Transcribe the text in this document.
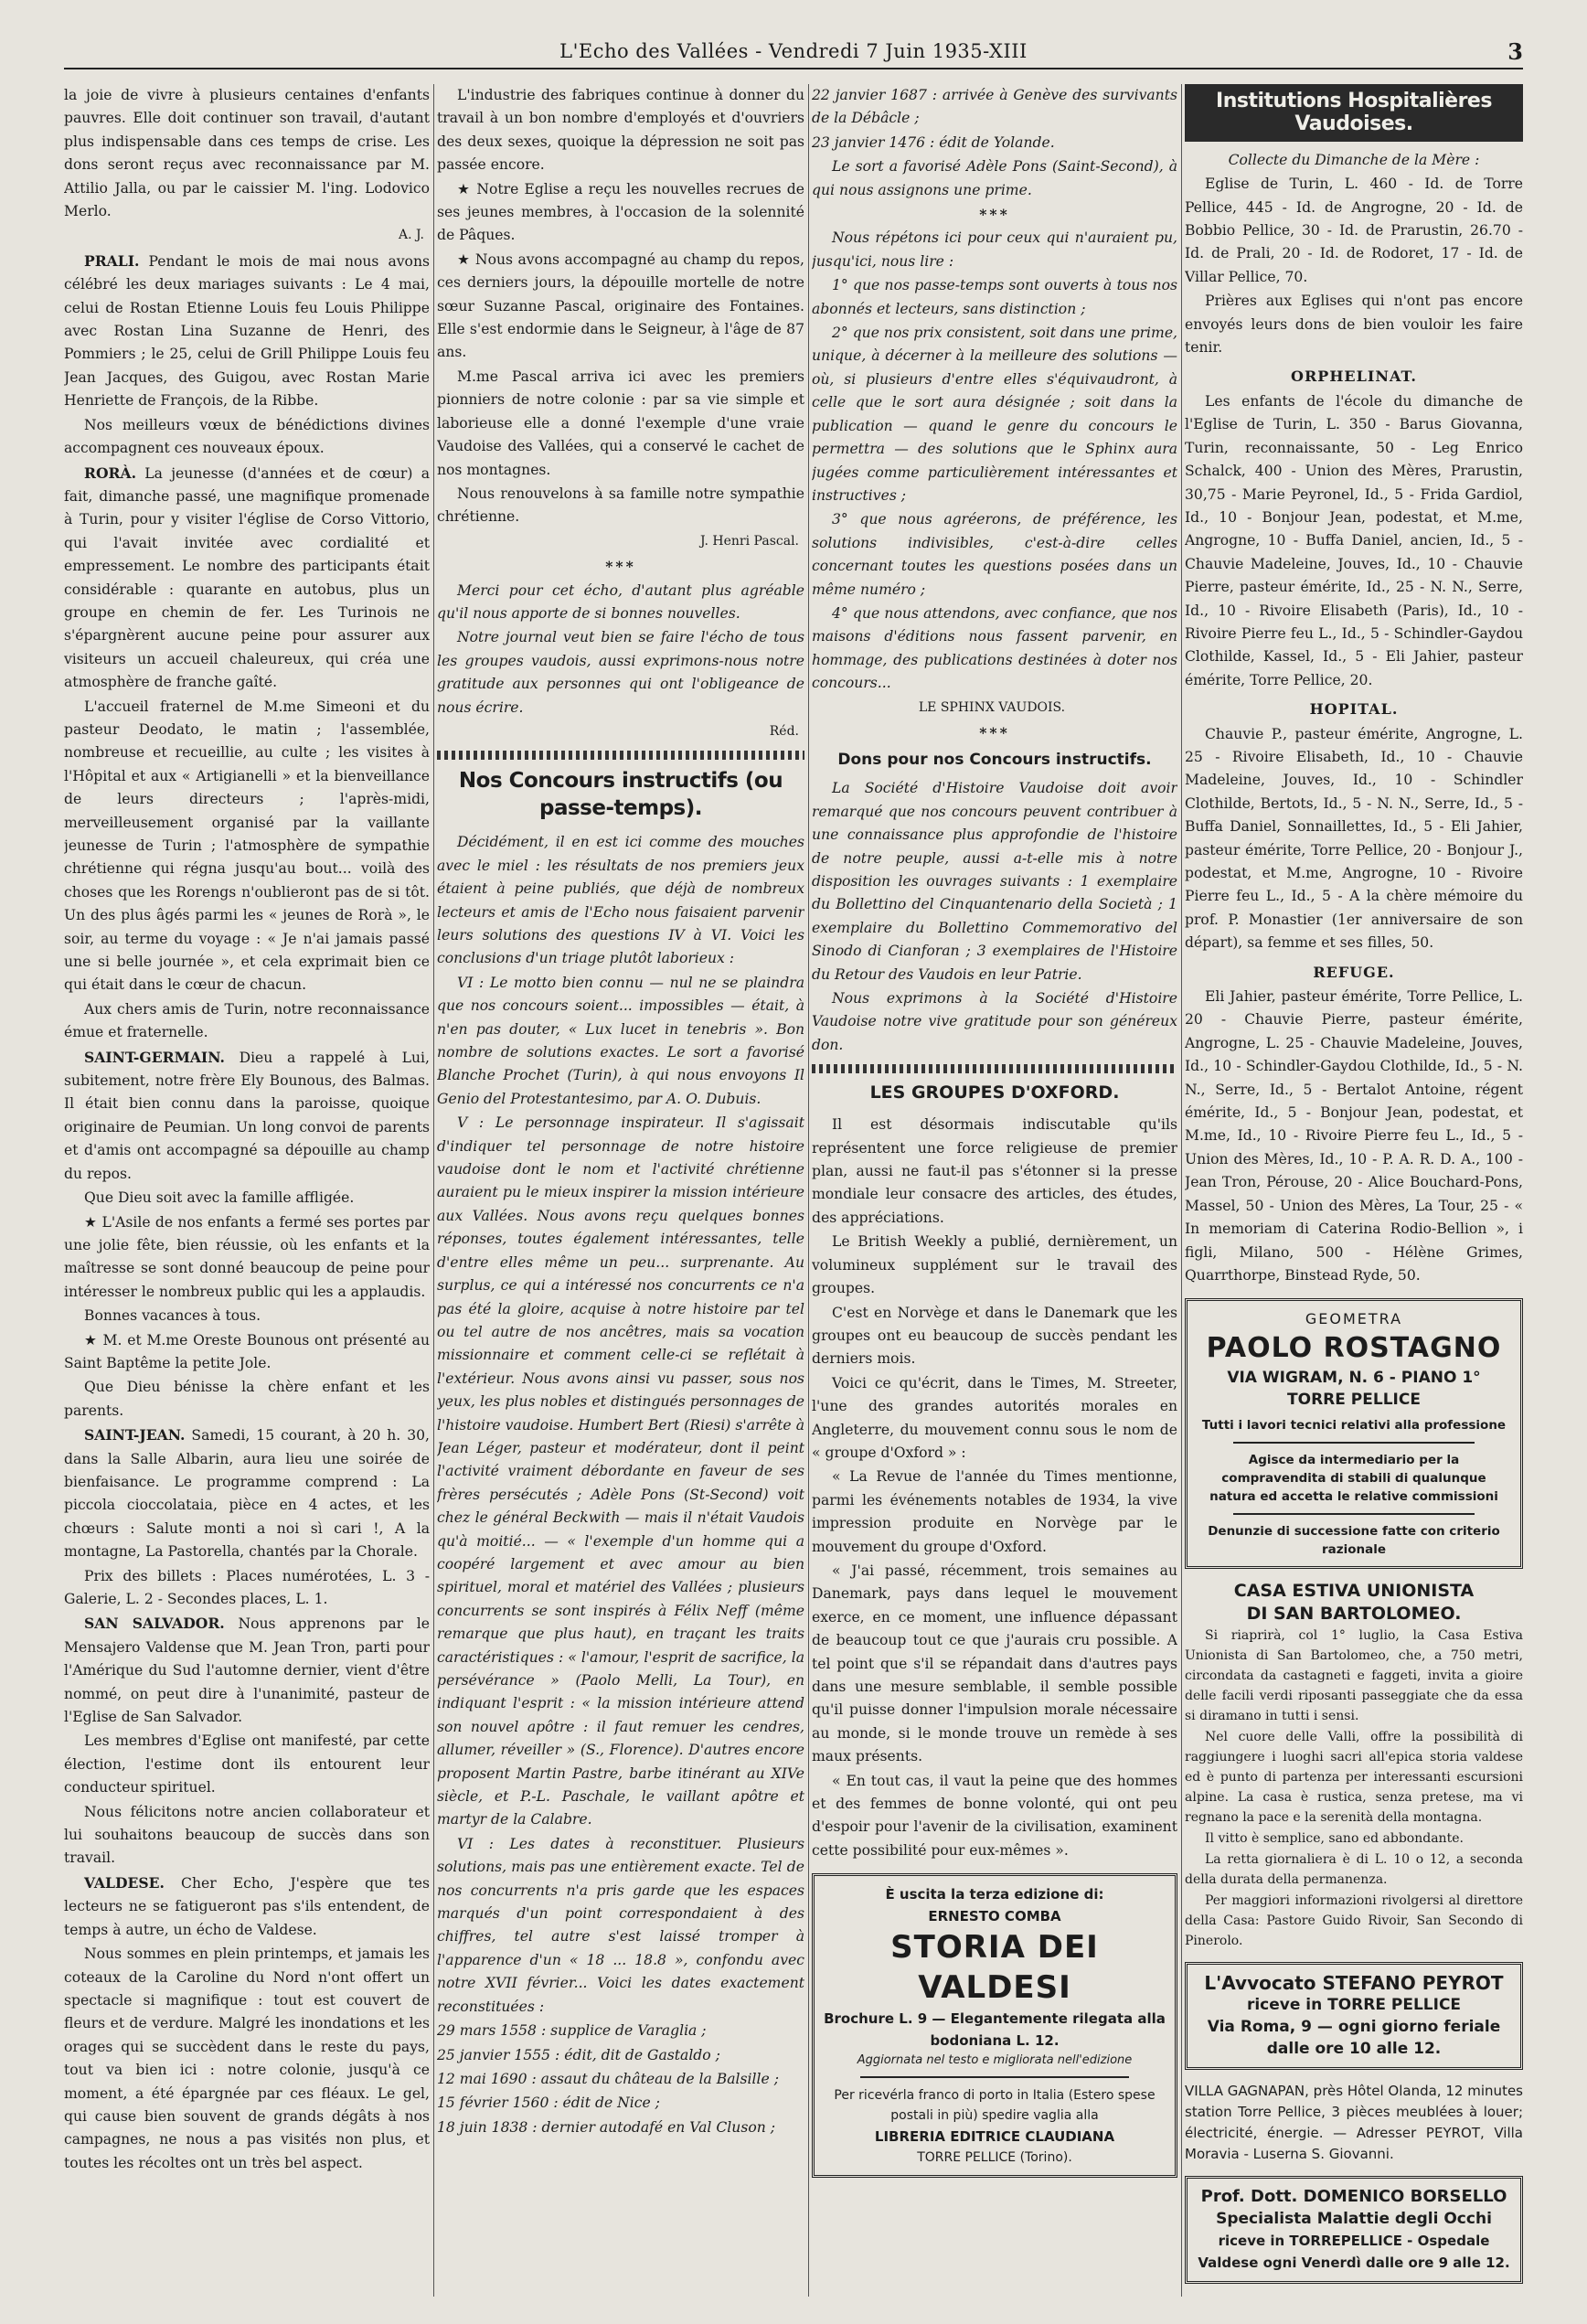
L'Echo des Vallées - Vendredi 7 Juin 1935-XIII	3

la joie de vivre à plusieurs centaines d'enfants pauvres. Elle doit continuer son travail, d'autant plus indispensable dans ces temps de crise. Les dons seront reçus avec reconnaissance par M. Attilio Jalla, ou par le caissier M. l'ing. Lodovico Merlo.

A. J.

PRALI. Pendant le mois de mai nous avons célébré les deux mariages suivants : Le 4 mai, celui de Rostan Etienne Louis feu Louis Philippe avec Rostan Lina Suzanne de Henri, des Pommiers ; le 25, celui de Grill Philippe Louis feu Jean Jacques, des Guigou, avec Rostan Marie Henriette de François, de la Ribbe.

Nos meilleurs vœux de bénédictions divines accompagnent ces nouveaux époux.

RORÀ. La jeunesse (d'années et de cœur) a fait, dimanche passé, une magnifique promenade à Turin, pour y visiter l'église de Corso Vittorio, qui l'avait invitée avec cordialité et empressement. Le nombre des participants était considérable : quarante en autobus, plus un groupe en chemin de fer. Les Turinois ne s'épargnèrent aucune peine pour assurer aux visiteurs un accueil chaleureux, qui créa une atmosphère de franche gaîté.

L'accueil fraternel de M.me Simeoni et du pasteur Deodato, le matin ; l'assemblée, nombreuse et recueillie, au culte ; les visites à l'Hôpital et aux « Artigianelli » et la bienveillance de leurs directeurs ; l'après-midi, merveilleusement organisé par la vaillante jeunesse de Turin ; l'atmosphère de sympathie chrétienne qui régna jusqu'au bout... voilà des choses que les Rorengs n'oublieront pas de si tôt. Un des plus âgés parmi les « jeunes de Rorà », le soir, au terme du voyage : « Je n'ai jamais passé une si belle journée », et cela exprimait bien ce qui était dans le cœur de chacun.

Aux chers amis de Turin, notre reconnaissance émue et fraternelle.

SAINT-GERMAIN. Dieu a rappelé à Lui, subitement, notre frère Ely Bounous, des Balmas. Il était bien connu dans la paroisse, quoique originaire de Peumian. Un long convoi de parents et d'amis ont accompagné sa dépouille au champ du repos.

Que Dieu soit avec la famille affligée.

★ L'Asile de nos enfants a fermé ses portes par une jolie fête, bien réussie, où les enfants et la maîtresse se sont donné beaucoup de peine pour intéresser le nombreux public qui les a applaudis.

Bonnes vacances à tous.

★ M. et M.me Oreste Bounous ont présenté au Saint Baptême la petite Jole.

Que Dieu bénisse la chère enfant et les parents.

SAINT-JEAN. Samedi, 15 courant, à 20 h. 30, dans la Salle Albarin, aura lieu une soirée de bienfaisance. Le programme comprend : La piccola cioccolataia, pièce en 4 actes, et les chœurs : Salute monti a noi sì cari !, A la montagne, La Pastorella, chantés par la Chorale.

Prix des billets : Places numérotées, L. 3 - Galerie, L. 2 - Secondes places, L. 1.

SAN SALVADOR. Nous apprenons par le Mensajero Valdense que M. Jean Tron, parti pour l'Amérique du Sud l'automne dernier, vient d'être nommé, on peut dire à l'unanimité, pasteur de l'Eglise de San Salvador.

Les membres d'Eglise ont manifesté, par cette élection, l'estime dont ils entourent leur conducteur spirituel.

Nous félicitons notre ancien collaborateur et lui souhaitons beaucoup de succès dans son travail.

VALDESE. Cher Echo, J'espère que tes lecteurs ne se fatigueront pas s'ils entendent, de temps à autre, un écho de Valdese.

Nous sommes en plein printemps, et jamais les coteaux de la Caroline du Nord n'ont offert un spectacle si magnifique : tout est couvert de fleurs et de verdure. Malgré les inondations et les orages qui se succèdent dans le reste du pays, tout va bien ici : notre colonie, jusqu'à ce moment, a été épargnée par ces fléaux. Le gel, qui cause bien souvent de grands dégâts à nos campagnes, ne nous a pas visités non plus, et toutes les récoltes ont un très bel aspect.

L'industrie des fabriques continue à donner du travail à un bon nombre d'employés et d'ouvriers des deux sexes, quoique la dépression ne soit pas passée encore.

★ Notre Eglise a reçu les nouvelles recrues de ses jeunes membres, à l'occasion de la solennité de Pâques.

★ Nous avons accompagné au champ du repos, ces derniers jours, la dépouille mortelle de notre sœur Suzanne Pascal, originaire des Fontaines. Elle s'est endormie dans le Seigneur, à l'âge de 87 ans.

M.me Pascal arriva ici avec les premiers pionniers de notre colonie : par sa vie simple et laborieuse elle a donné l'exemple d'une vraie Vaudoise des Vallées, qui a conservé le cachet de nos montagnes.

Nous renouvelons à sa famille notre sympathie chrétienne.

J. Henri Pascal.
***

Merci pour cet écho, d'autant plus agréable qu'il nous apporte de si bonnes nouvelles.

Notre journal veut bien se faire l'écho de tous les groupes vaudois, aussi exprimons-nous notre gratitude aux personnes qui ont l'obligeance de nous écrire.

Réd.
Nos Concours instructifs (ou passe-temps).

Décidément, il en est ici comme des mouches avec le miel : les résultats de nos premiers jeux étaient à peine publiés, que déjà de nombreux lecteurs et amis de l'Echo nous faisaient parvenir leurs solutions des questions IV à VI. Voici les conclusions d'un triage plutôt laborieux :

VI : Le motto bien connu — nul ne se plaindra que nos concours soient... impossibles — était, à n'en pas douter, « Lux lucet in tenebris ». Bon nombre de solutions exactes. Le sort a favorisé Blanche Prochet (Turin), à qui nous envoyons Il Genio del Protestantesimo, par A. O. Dubuis.

V : Le personnage inspirateur. Il s'agissait d'indiquer tel personnage de notre histoire vaudoise dont le nom et l'activité chrétienne auraient pu le mieux inspirer la mission intérieure aux Vallées. Nous avons reçu quelques bonnes réponses, toutes également intéressantes, telle d'entre elles même un peu... surprenante. Au surplus, ce qui a intéressé nos concurrents ce n'a pas été la gloire, acquise à notre histoire par tel ou tel autre de nos ancêtres, mais sa vocation missionnaire et comment celle-ci se reflétait à l'extérieur. Nous avons ainsi vu passer, sous nos yeux, les plus nobles et distingués personnages de l'histoire vaudoise. Humbert Bert (Riesi) s'arrête à Jean Léger, pasteur et modérateur, dont il peint l'activité vraiment débordante en faveur de ses frères persécutés ; Adèle Pons (St-Second) voit chez le général Beckwith — mais il n'était Vaudois qu'à moitié... — « l'exemple d'un homme qui a coopéré largement et avec amour au bien spirituel, moral et matériel des Vallées ; plusieurs concurrents se sont inspirés à Félix Neff (même remarque que plus haut), en traçant les traits caractéristiques : « l'amour, l'esprit de sacrifice, la persévérance » (Paolo Melli, La Tour), en indiquant l'esprit : « la mission intérieure attend son nouvel apôtre : il faut remuer les cendres, allumer, réveiller » (S., Florence). D'autres encore proposent Martin Pastre, barbe itinérant au XIVe siècle, et P.-L. Paschale, le vaillant apôtre et martyr de la Calabre.

VI : Les dates à reconstituer. Plusieurs solutions, mais pas une entièrement exacte. Tel de nos concurrents n'a pris garde que les espaces marqués d'un point correspondaient à des chiffres, tel autre s'est laissé tromper à l'apparence d'un « 18 ... 18.8 », confondu avec notre XVII février... Voici les dates exactement reconstituées :

29 mars 1558 : supplice de Varaglia ;

25 janvier 1555 : édit, dit de Gastaldo ;

12 mai 1690 : assaut du château de la Balsille ;

15 février 1560 : édit de Nice ;

18 juin 1838 : dernier autodafé en Val Cluson ;

22 janvier 1687 : arrivée à Genève des survivants de la Débâcle ;

23 janvier 1476 : édit de Yolande.

Le sort a favorisé Adèle Pons (Saint-Second), à qui nous assignons une prime.

***

Nous répétons ici pour ceux qui n'auraient pu, jusqu'ici, nous lire :

1° que nos passe-temps sont ouverts à tous nos abonnés et lecteurs, sans distinction ;

2° que nos prix consistent, soit dans une prime, unique, à décerner à la meilleure des solutions — où, si plusieurs d'entre elles s'équivaudront, à celle que le sort aura désignée ; soit dans la publication — quand le genre du concours le permettra — des solutions que le Sphinx aura jugées comme particulièrement intéressantes et instructives ;

3° que nous agréerons, de préférence, les solutions indivisibles, c'est-à-dire celles concernant toutes les questions posées dans un même numéro ;

4° que nous attendons, avec confiance, que nos maisons d'éditions nous fassent parvenir, en hommage, des publications destinées à doter nos concours...

LE SPHINX VAUDOIS.
***
Dons pour nos Concours instructifs.

La Société d'Histoire Vaudoise doit avoir remarqué que nos concours peuvent contribuer à une connaissance plus approfondie de l'histoire de notre peuple, aussi a-t-elle mis à notre disposition les ouvrages suivants : 1 exemplaire du Bollettino del Cinquantenario della Società ; 1 exemplaire du Bollettino Commemorativo del Sinodo di Cianforan ; 3 exemplaires de l'Histoire du Retour des Vaudois en leur Patrie.

Nous exprimons à la Société d'Histoire Vaudoise notre vive gratitude pour son généreux don.

LES GROUPES D'OXFORD.

Il est désormais indiscutable qu'ils représentent une force religieuse de premier plan, aussi ne faut-il pas s'étonner si la presse mondiale leur consacre des articles, des études, des appréciations.

Le British Weekly a publié, dernièrement, un volumineux supplément sur le travail des groupes.

C'est en Norvège et dans le Danemark que les groupes ont eu beaucoup de succès pendant les derniers mois.

Voici ce qu'écrit, dans le Times, M. Streeter, l'une des grandes autorités morales en Angleterre, du mouvement connu sous le nom de « groupe d'Oxford » :

« La Revue de l'année du Times mentionne, parmi les événements notables de 1934, la vive impression produite en Norvège par le mouvement du groupe d'Oxford.

« J'ai passé, récemment, trois semaines au Danemark, pays dans lequel le mouvement exerce, en ce moment, une influence dépassant de beaucoup tout ce que j'aurais cru possible. A tel point que s'il se répandait dans d'autres pays dans une mesure semblable, il semble possible qu'il puisse donner l'impulsion morale nécessaire au monde, si le monde trouve un remède à ses maux présents.

« En tout cas, il vaut la peine que des hommes et des femmes de bonne volonté, qui ont peu d'espoir pour l'avenir de la civilisation, examinent cette possibilité pour eux-mêmes ».

È uscita la terza edizione di:
ERNESTO COMBA
STORIA DEI VALDESI
Brochure L. 9 — Elegantemente rilegata alla bodoniana L. 12.
Aggiornata nel testo e migliorata nell'edizione
Per ricevérla franco di porto in Italia (Estero spese postali in più) spedire vaglia alla
LIBRERIA EDITRICE CLAUDIANA
TORRE PELLICE (Torino).
Institutions Hospitalières Vaudoises.

Collecte du Dimanche de la Mère :

Eglise de Turin, L. 460 - Id. de Torre Pellice, 445 - Id. de Angrogne, 20 - Id. de Bobbio Pellice, 30 - Id. de Prarustin, 26.70 - Id. de Prali, 20 - Id. de Rodoret, 17 - Id. de Villar Pellice, 70.

Prières aux Eglises qui n'ont pas encore envoyés leurs dons de bien vouloir les faire tenir.

ORPHELINAT.

Les enfants de l'école du dimanche de l'Eglise de Turin, L. 350 - Barus Giovanna, Turin, reconnaissante, 50 - Leg Enrico Schalck, 400 - Union des Mères, Prarustin, 30,75 - Marie Peyronel, Id., 5 - Frida Gardiol, Id., 10 - Bonjour Jean, podestat, et M.me, Angrogne, 10 - Buffa Daniel, ancien, Id., 5 - Chauvie Madeleine, Jouves, Id., 10 - Chauvie Pierre, pasteur émérite, Id., 25 - N. N., Serre, Id., 10 - Rivoire Elisabeth (Paris), Id., 10 - Rivoire Pierre feu L., Id., 5 - Schindler-Gaydou Clothilde, Kassel, Id., 5 - Eli Jahier, pasteur émérite, Torre Pellice, 20.

HOPITAL.

Chauvie P., pasteur émérite, Angrogne, L. 25 - Rivoire Elisabeth, Id., 10 - Chauvie Madeleine, Jouves, Id., 10 - Schindler Clothilde, Bertots, Id., 5 - N. N., Serre, Id., 5 - Buffa Daniel, Sonnaillettes, Id., 5 - Eli Jahier, pasteur émérite, Torre Pellice, 20 - Bonjour J., podestat, et M.me, Angrogne, 10 - Rivoire Pierre feu L., Id., 5 - A la chère mémoire du prof. P. Monastier (1er anniversaire de son départ), sa femme et ses filles, 50.

REFUGE.

Eli Jahier, pasteur émérite, Torre Pellice, L. 20 - Chauvie Pierre, pasteur émérite, Angrogne, L. 25 - Chauvie Madeleine, Jouves, Id., 10 - Schindler-Gaydou Clothilde, Id., 5 - N. N., Serre, Id., 5 - Bertalot Antoine, régent émérite, Id., 5 - Bonjour Jean, podestat, et M.me, Id., 10 - Rivoire Pierre feu L., Id., 5 - Union des Mères, Id., 10 - P. A. R. D. A., 100 - Jean Tron, Pérouse, 20 - Alice Bouchard-Pons, Massel, 50 - Union des Mères, La Tour, 25 - « In memoriam di Caterina Rodio-Bellion », i figli, Milano, 500 - Hélène Grimes, Quarrthorpe, Binstead Ryde, 50.

GEOMETRA
PAOLO ROSTAGNO
VIA WIGRAM, N. 6 - PIANO 1°
TORRE PELLICE
Tutti i lavori tecnici relativi alla professione
Agisce da intermediario per la compravendita di stabili di qualunque natura ed accetta le relative commissioni
Denunzie di successione fatte con criterio razionale
CASA ESTIVA UNIONISTA
DI SAN BARTOLOMEO.

Si riaprirà, col 1° luglio, la Casa Estiva Unionista di San Bartolomeo, che, a 750 metri, circondata da castagneti e faggeti, invita a gioire delle facili verdi riposanti passeggiate che da essa si diramano in tutti i sensi.

Nel cuore delle Valli, offre la possibilità di raggiungere i luoghi sacri all'epica storia valdese ed è punto di partenza per interessanti escursioni alpine. La casa è rustica, senza pretese, ma vi regnano la pace e la serenità della montagna.

Il vitto è semplice, sano ed abbondante.

La retta giornaliera è di L. 10 o 12, a seconda della durata della permanenza.

Per maggiori informazioni rivolgersi al direttore della Casa: Pastore Guido Rivoir, San Secondo di Pinerolo.

L'Avvocato STEFANO PEYROT
riceve in TORRE PELLICE
Via Roma, 9 — ogni giorno feriale dalle ore 10 alle 12.

VILLA GAGNAPAN, près Hôtel Olanda, 12 minutes station Torre Pellice, 3 pièces meublées à louer; électricité, énergie. — Adresser PEYROT, Villa Moravia - Luserna S. Giovanni.

Prof. Dott. DOMENICO BORSELLO
Specialista Malattie degli Occhi
riceve in TORREPELLICE - Ospedale Valdese ogni Venerdì dalle ore 9 alle 12.
